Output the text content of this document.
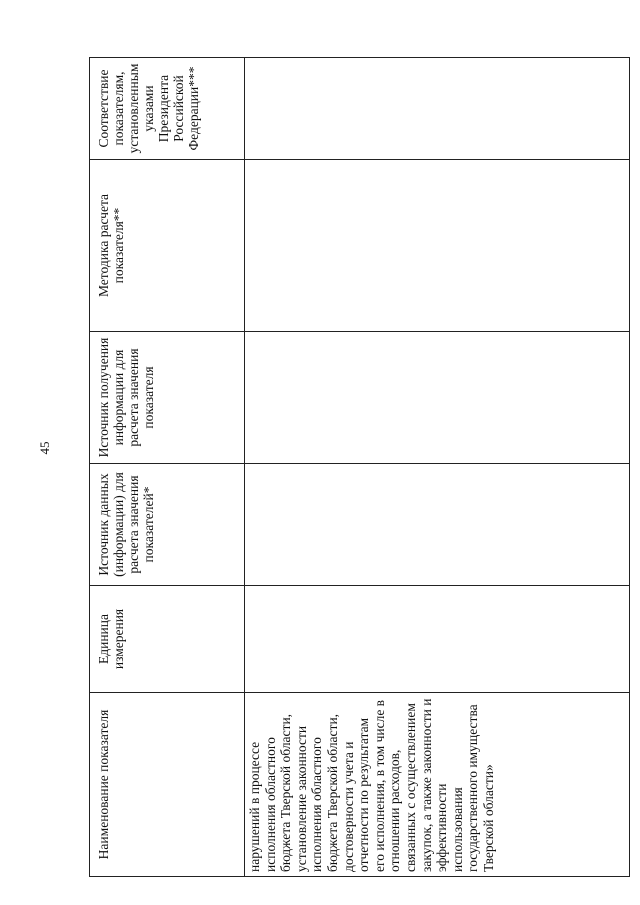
45
Наименование показателя	Единица измерения	Источник данных (информации) для расчета значения показателей*	Источник получения информации для расчета значения показателя	Методика расчета показателя**	Соответствие показателям, установленным указами Президента Российской Федерации***
нарушений в процессе исполнения областного бюджета Тверской области, установление законности исполнения областного бюджета Тверской области, достоверности учета и отчетности по результатам его исполнения, в том числе в отношении расходов, связанных с осуществлением закупок, а также законности и эффективности использования государственного имущества Тверской области»					
